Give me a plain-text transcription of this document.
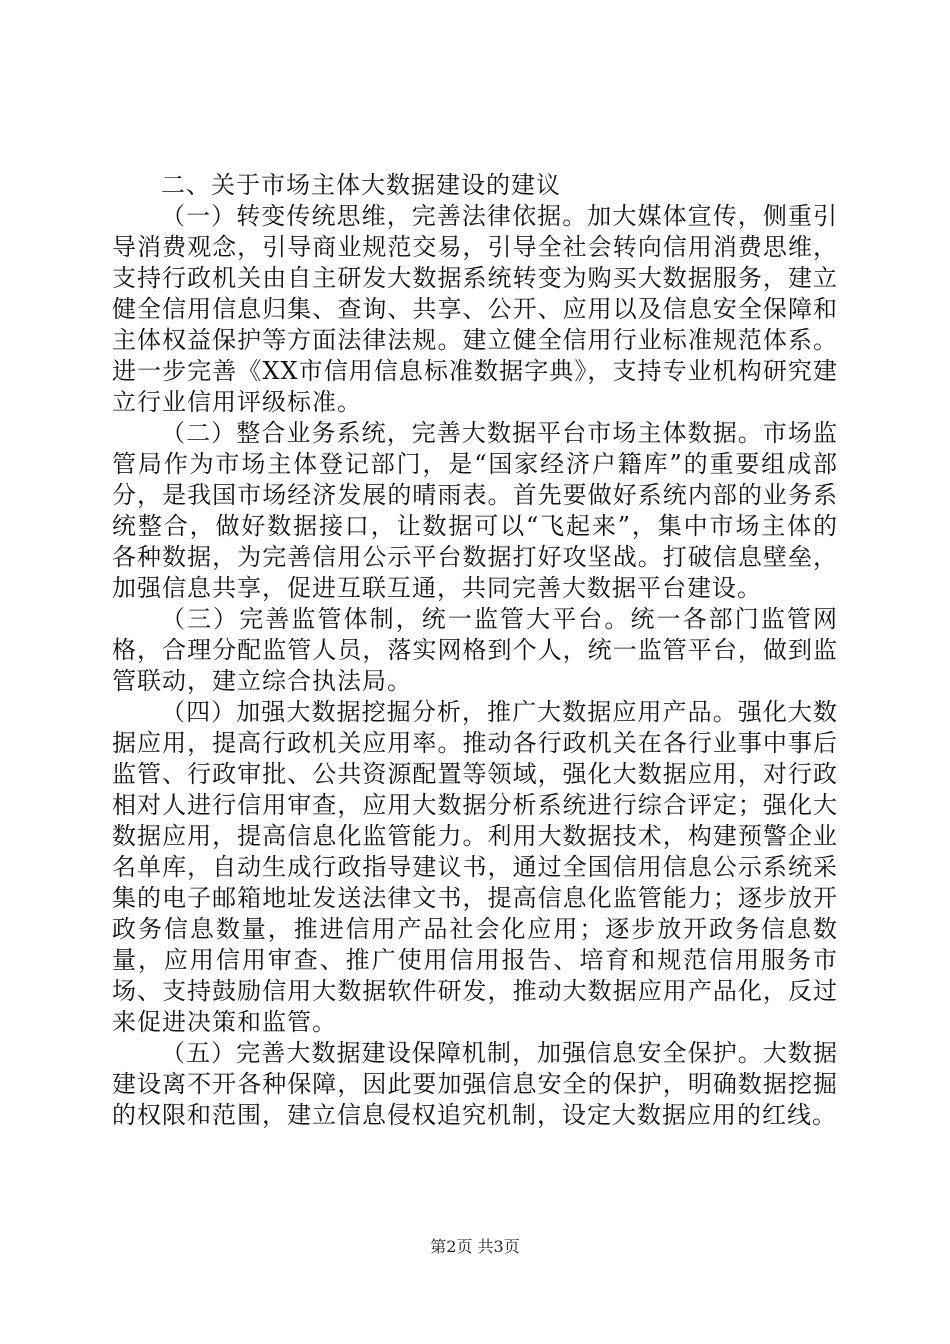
二、关于市场主体大数据建设的建议

（一）转变传统思维，完善法律依据。加大媒体宣传，侧重引导消费观念，引导商业规范交易，引导全社会转向信用消费思维，支持行政机关由自主研发大数据系统转变为购买大数据服务，建立健全信用信息归集、查询、共享、公开、应用以及信息安全保障和主体权益保护等方面法律法规。建立健全信用行业标准规范体系。进一步完善《XX市信用信息标准数据字典》，支持专业机构研究建立行业信用评级标准。

（二）整合业务系统，完善大数据平台市场主体数据。市场监管局作为市场主体登记部门，是“国家经济户籍库”的重要组成部分，是我国市场经济发展的晴雨表。首先要做好系统内部的业务系统整合，做好数据接口，让数据可以“飞起来”，集中市场主体的各种数据，为完善信用公示平台数据打好攻坚战。打破信息壁垒，加强信息共享，促进互联互通，共同完善大数据平台建设。

（三）完善监管体制，统一监管大平台。统一各部门监管网格，合理分配监管人员，落实网格到个人，统一监管平台，做到监管联动，建立综合执法局。

（四）加强大数据挖掘分析，推广大数据应用产品。强化大数据应用，提高行政机关应用率。推动各行政机关在各行业事中事后监管、行政审批、公共资源配置等领域，强化大数据应用，对行政相对人进行信用审查，应用大数据分析系统进行综合评定；强化大数据应用，提高信息化监管能力。利用大数据技术，构建预警企业名单库，自动生成行政指导建议书，通过全国信用信息公示系统采集的电子邮箱地址发送法律文书，提高信息化监管能力；逐步放开政务信息数量，推进信用产品社会化应用；逐步放开政务信息数量，应用信用审查、推广使用信用报告、培育和规范信用服务市场、支持鼓励信用大数据软件研发，推动大数据应用产品化，反过来促进决策和监管。

（五）完善大数据建设保障机制，加强信息安全保护。大数据建设离不开各种保障，因此要加强信息安全的保护，明确数据挖掘的权限和范围，建立信息侵权追究机制，设定大数据应用的红线。

第2页 共3页
